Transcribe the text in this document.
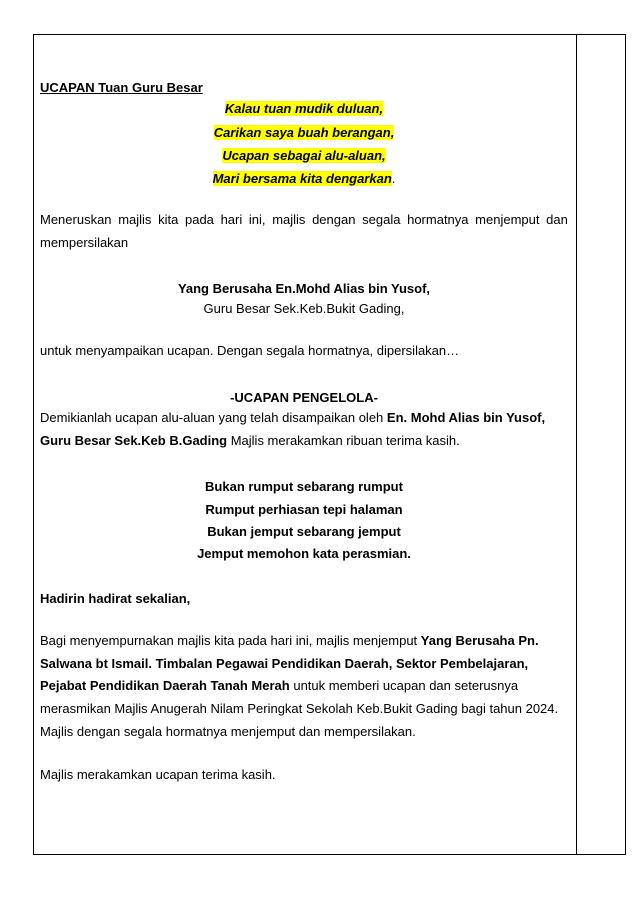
UCAPAN Tuan Guru Besar
Kalau tuan mudik duluan,
Carikan saya buah berangan,
Ucapan sebagai alu-aluan,
Mari bersama kita dengarkan.
Meneruskan majlis kita pada hari ini, majlis dengan segala hormatnya menjemput dan
mempersilakan
Yang Berusaha En.Mohd Alias bin Yusof,
Guru Besar Sek.Keb.Bukit Gading,
untuk menyampaikan ucapan. Dengan segala hormatnya, dipersilakan…
-UCAPAN PENGELOLA-
Demikianlah ucapan alu-aluan yang telah disampaikan oleh En. Mohd Alias bin Yusof,
Guru Besar Sek.Keb B.Gading Majlis merakamkan ribuan terima kasih.
Bukan rumput sebarang rumput
Rumput perhiasan tepi halaman
Bukan jemput sebarang jemput
Jemput memohon kata perasmian.
Hadirin hadirat sekalian,
Bagi menyempurnakan majlis kita pada hari ini, majlis menjemput Yang Berusaha Pn.
Salwana bt Ismail. Timbalan Pegawai Pendidikan Daerah, Sektor Pembelajaran,
Pejabat Pendidikan Daerah Tanah Merah untuk memberi ucapan dan seterusnya
merasmikan Majlis Anugerah Nilam Peringkat Sekolah Keb.Bukit Gading bagi tahun 2024.
Majlis dengan segala hormatnya menjemput dan mempersilakan.
Majlis merakamkan ucapan terima kasih.
